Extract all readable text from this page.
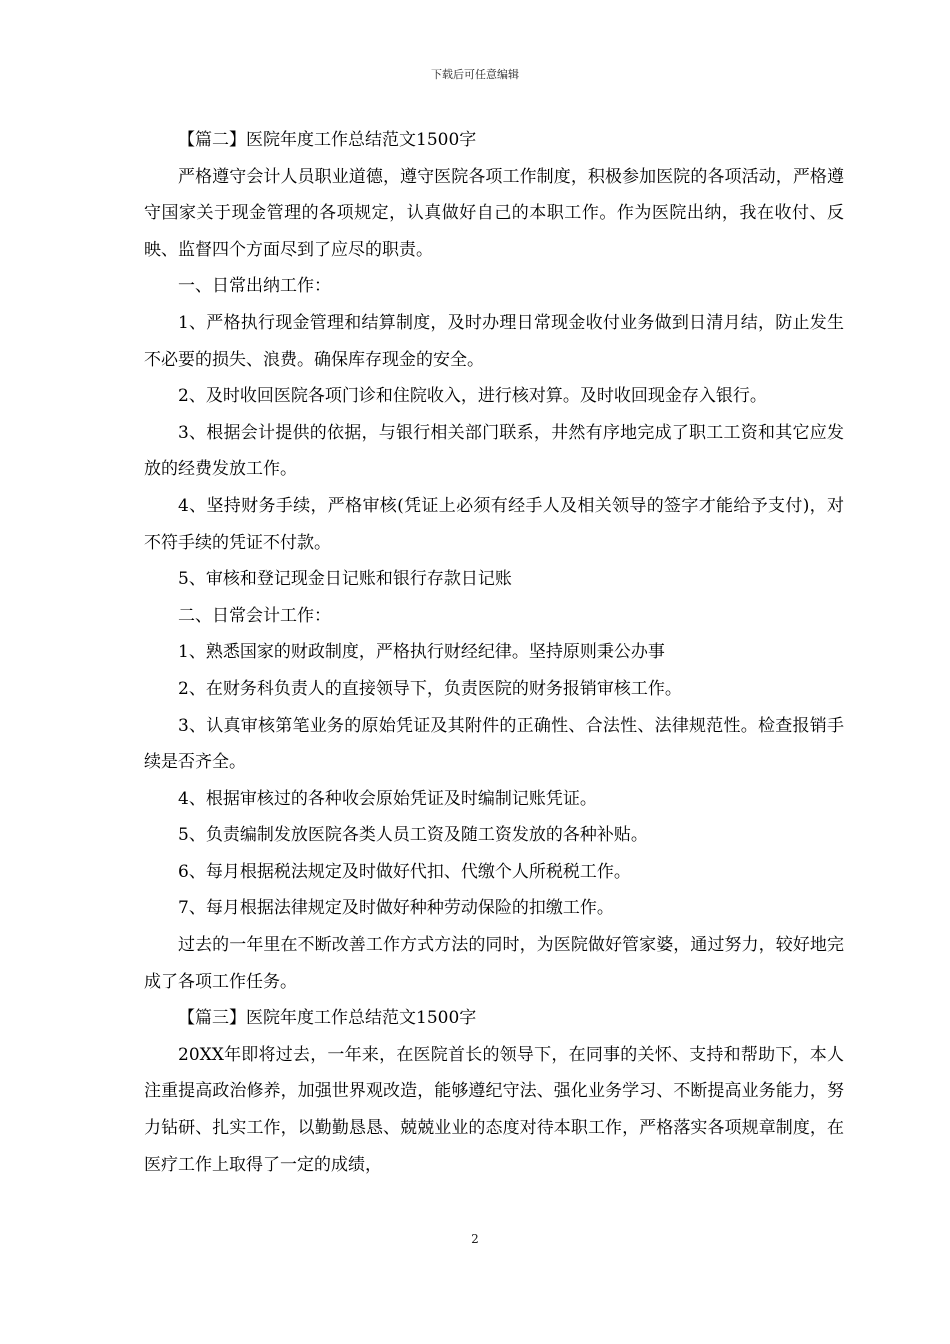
下载后可任意编辑

【篇二】医院年度工作总结范文1500字

严格遵守会计人员职业道德，遵守医院各项工作制度，积极参加医院的各项活动，严格遵守国家关于现金管理的各项规定，认真做好自己的本职工作。作为医院出纳，我在收付、反映、监督四个方面尽到了应尽的职责。

一、日常出纳工作：

1、严格执行现金管理和结算制度，及时办理日常现金收付业务做到日清月结，防止发生不必要的损失、浪费。确保库存现金的安全。

2、及时收回医院各项门诊和住院收入，进行核对算。及时收回现金存入银行。

3、根据会计提供的依据，与银行相关部门联系，井然有序地完成了职工工资和其它应发放的经费发放工作。

4、坚持财务手续，严格审核(凭证上必须有经手人及相关领导的签字才能给予支付)，对不符手续的凭证不付款。

5、审核和登记现金日记账和银行存款日记账

二、日常会计工作：

1、熟悉国家的财政制度，严格执行财经纪律。坚持原则秉公办事

2、在财务科负责人的直接领导下，负责医院的财务报销审核工作。

3、认真审核第笔业务的原始凭证及其附件的正确性、合法性、法律规范性。检查报销手续是否齐全。

4、根据审核过的各种收会原始凭证及时编制记账凭证。

5、负责编制发放医院各类人员工资及随工资发放的各种补贴。

6、每月根据税法规定及时做好代扣、代缴个人所税税工作。

7、每月根据法律规定及时做好种种劳动保险的扣缴工作。

过去的一年里在不断改善工作方式方法的同时，为医院做好管家婆，通过努力，较好地完成了各项工作任务。

【篇三】医院年度工作总结范文1500字

20XX年即将过去，一年来，在医院首长的领导下，在同事的关怀、支持和帮助下，本人注重提高政治修养，加强世界观改造，能够遵纪守法、强化业务学习、不断提高业务能力，努力钻研、扎实工作，以勤勤恳恳、兢兢业业的态度对待本职工作，严格落实各项规章制度，在医疗工作上取得了一定的成绩，

2
